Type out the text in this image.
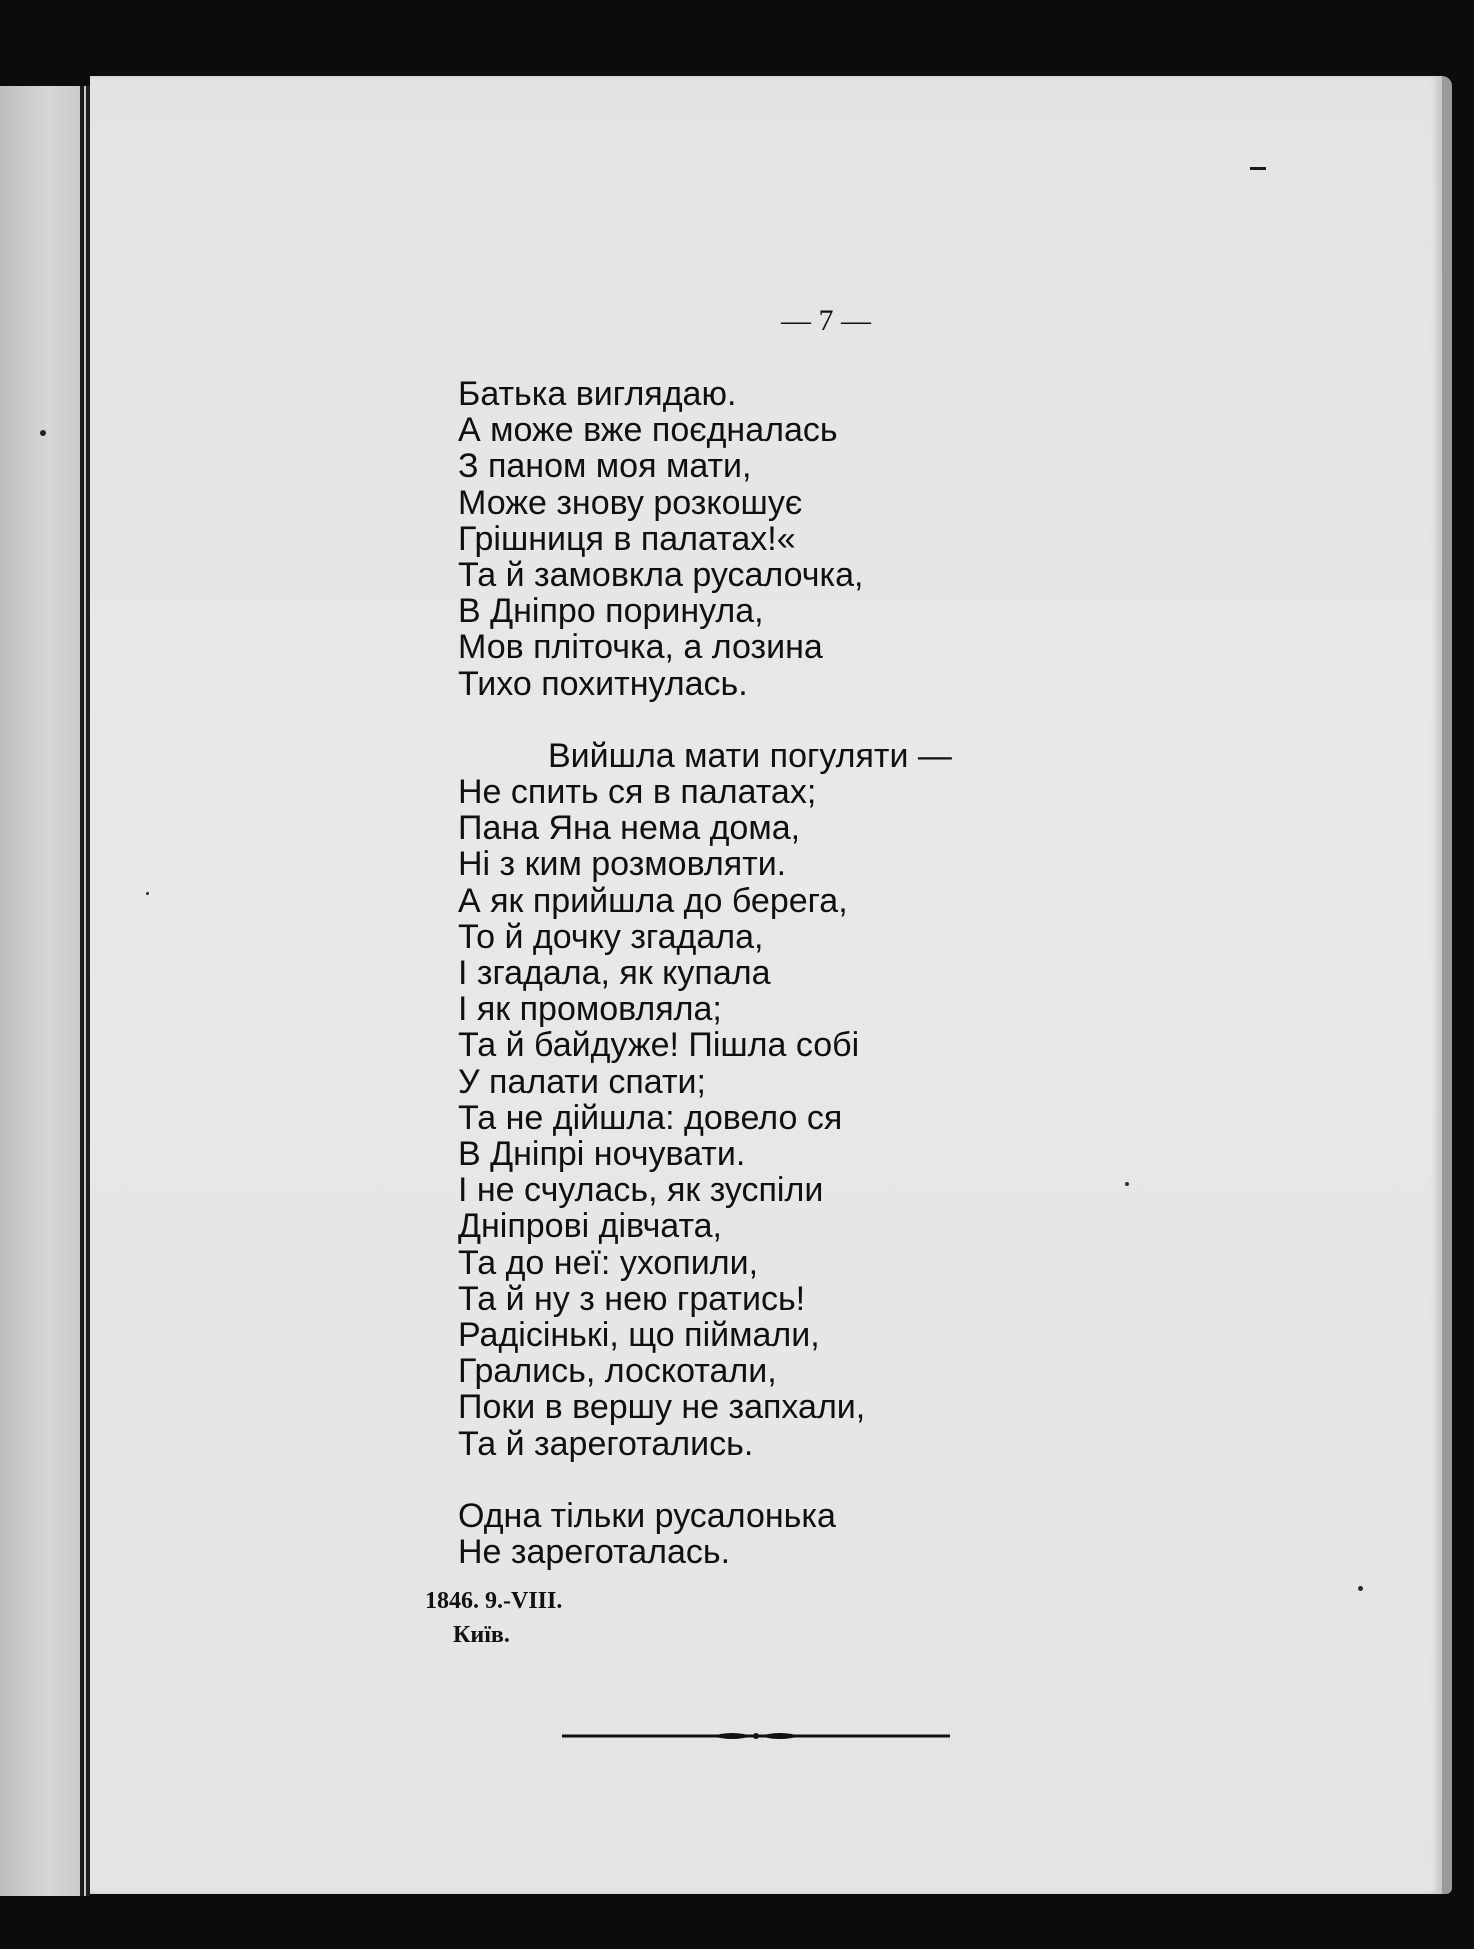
— 7 —

Батька виглядаю.
А може вже поєдналась
З паном моя мати,
Може знову розкошує
Грішниця в палатах!«
Та й замовкла русалочка,
В Дніпро поринула,
Мов пліточка, а лозина
Тихо похитнулась.

Вийшла мати погуляти —
Не спить ся в палатах;
Пана Яна нема дома,
Ні з ким розмовляти.
А як прийшла до берега,
То й дочку згадала,
І згадала, як купала
І як промовляла;
Та й байдуже! Пішла собі
У палати спати;
Та не дійшла: довело ся
В Дніпрі ночувати.
І не счулась, як зуспіли
Дніпрові дівчата,
Та до неї: ухопили,
Та й ну з нею гратись!
Радісінькі, що піймали,
Грались, лоскотали,
Поки в вершу не запхали,
Та й зареготались.

Одна тільки русалонька
Не зареготалась.

1846. 9.-VIII.
Київ.
